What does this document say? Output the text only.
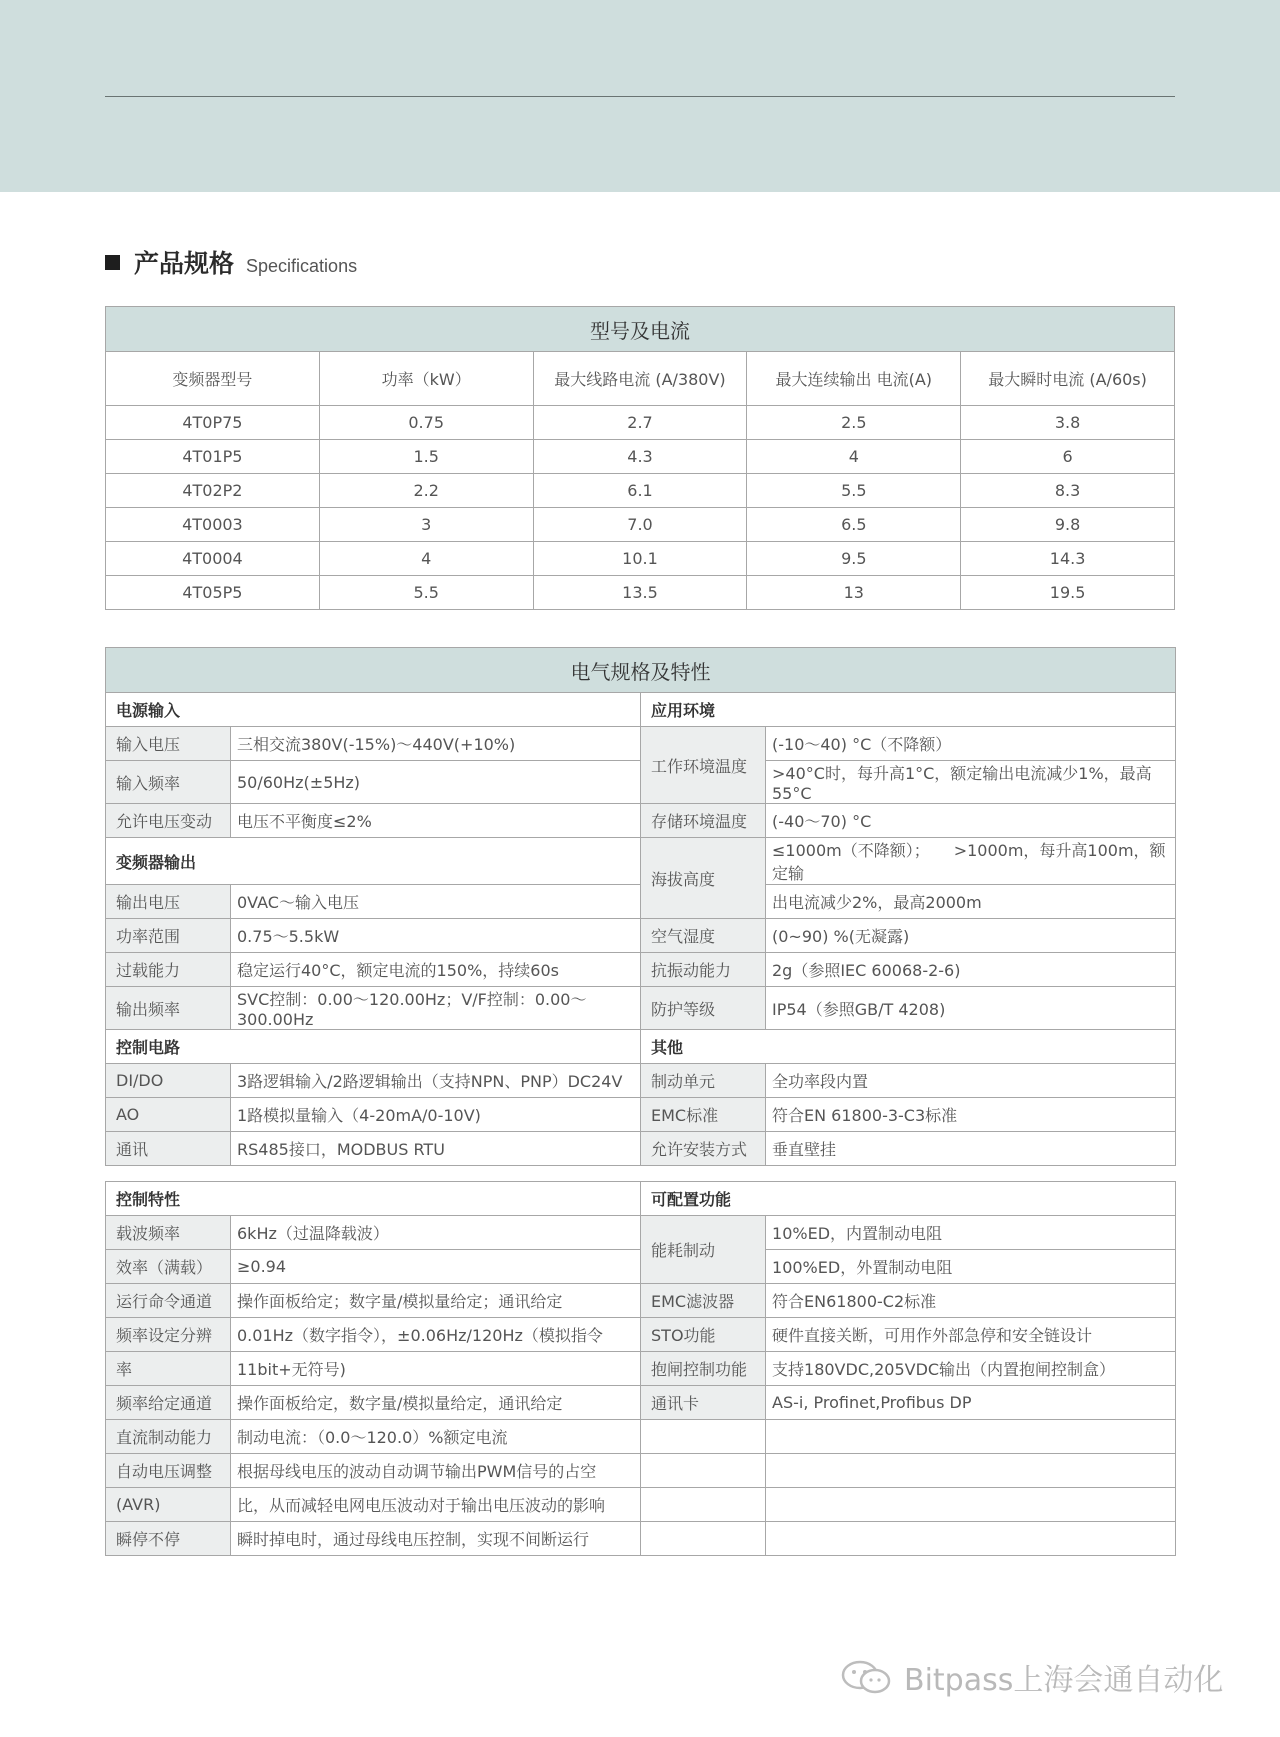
产品规格 Specifications
型号及电流				
变频器型号	功率（kW）	最大线路电流 (A/380V)	最大连续输出 电流(A)	最大瞬时电流 (A/60s)
4T0P75	0.75	2.7	2.5	3.8
4T01P5	1.5	4.3	4	6
4T02P2	2.2	6.1	5.5	8.3
4T0003	3	7.0	6.5	9.8
4T0004	4	10.1	9.5	14.3
4T05P5	5.5	13.5	13	19.5
电气规格及特性			
电源输入		应用环境	
输入电压	三相交流380V(-15%)～440V(+10%)	工作环境温度	(-10～40) °C（不降额）
输入频率	50/60Hz(±5Hz)		>40°C时，每升高1°C，额定输出电流减少1%，最高55°C
允许电压变动	电压不平衡度≤2%	存储环境温度	(-40～70) °C
变频器输出		海拔高度	≤1000m（不降额）；　　>1000m，每升高100m，额定输
输出电压	0VAC～输入电压		出电流减少2%，最高2000m
功率范围	0.75～5.5kW	空气湿度	(0~90) %(无凝露)
过载能力	稳定运行40°C，额定电流的150%，持续60s	抗振动能力	2g（参照IEC 60068-2-6)
输出频率	SVC控制：0.00～120.00Hz；V/F控制：0.00～300.00Hz	防护等级	IP54（参照GB/T 4208)
控制电路		其他	
DI/DO	3路逻辑输入/2路逻辑输出（支持NPN、PNP）DC24V	制动单元	全功率段内置
AO	1路模拟量输入（4-20mA/0-10V)	EMC标准	符合EN 61800-3-C3标准
通讯	RS485接口，MODBUS RTU	允许安装方式	垂直壁挂
控制特性		可配置功能	
载波频率	6kHz（过温降载波）	能耗制动	10%ED，内置制动电阻
效率（满载）	≥0.94		100%ED，外置制动电阻
运行命令通道	操作面板给定；数字量/模拟量给定；通讯给定	EMC滤波器	符合EN61800-C2标准
频率设定分辨	0.01Hz（数字指令），±0.06Hz/120Hz（模拟指令	STO功能	硬件直接关断，可用作外部急停和安全链设计
率	11bit+无符号)	抱闸控制功能	支持180VDC,205VDC输出（内置抱闸控制盒）
频率给定通道	操作面板给定，数字量/模拟量给定，通讯给定	通讯卡	AS-i, Profinet,Profibus DP
直流制动能力	制动电流：（0.0～120.0）%额定电流		
自动电压调整	根据母线电压的波动自动调节输出PWM信号的占空		
(AVR)	比，从而减轻电网电压波动对于输出电压波动的影响		
瞬停不停	瞬时掉电时，通过母线电压控制，实现不间断运行		
Bitpass上海会通自动化
